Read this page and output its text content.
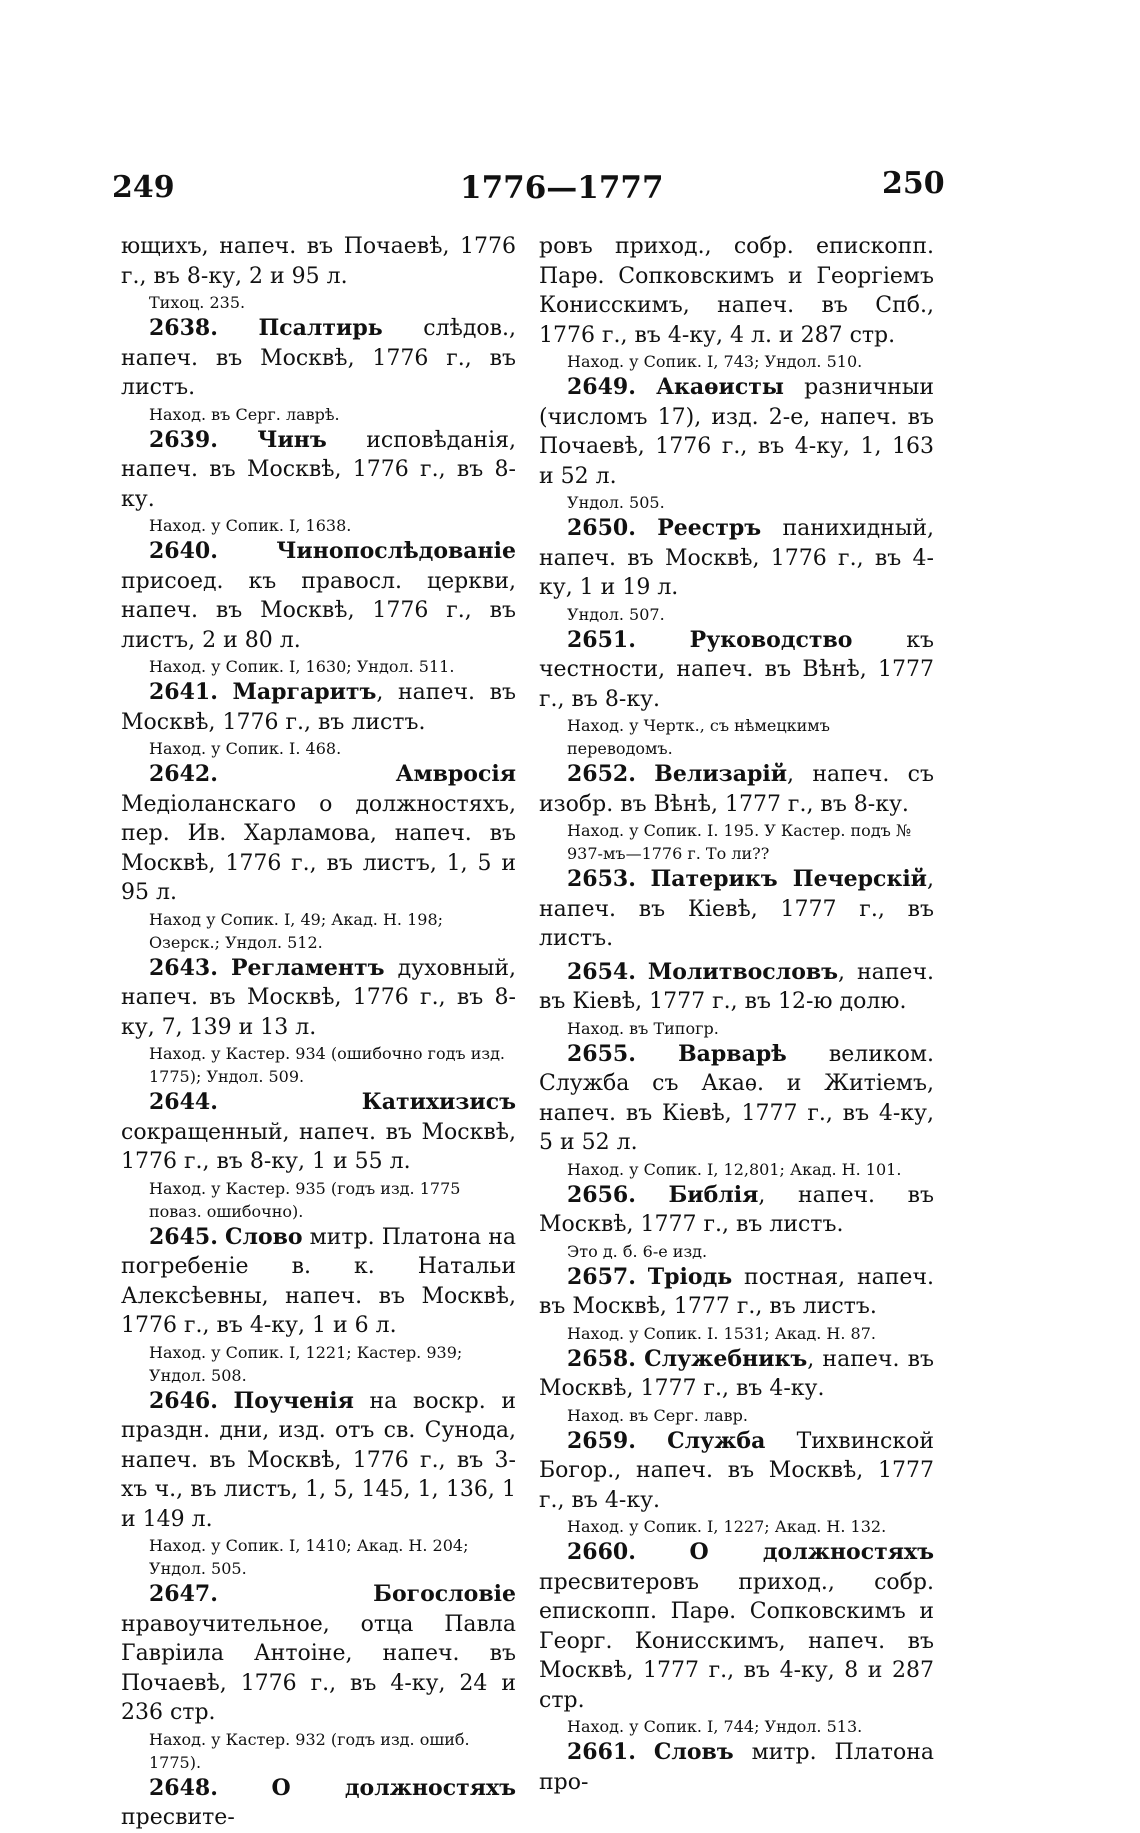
249	1776—1777	250

ющихъ, напеч. въ Почаевѣ, 1776 г., въ 8-ку, 2 и 95 л.

Тихоц. 235.

2638. Псалтирь слѣдов., напеч. въ Москвѣ, 1776 г., въ листъ.

Наход. въ Серг. лаврѣ.

2639. Чинъ исповѣданія, напеч. въ Москвѣ, 1776 г., въ 8-ку.

Наход. у Сопик. I, 1638.

2640.	Чинопослѣдованіе присоед. къ правосл. церкви, напеч. въ Москвѣ, 1776 г., въ листъ, 2 и 80 л.

Наход. у Сопик. I, 1630; Ундол. 511.

2641. Маргаритъ, напеч. въ Москвѣ, 1776 г., въ листъ.

Наход. у Сопик. I. 468.

2642.	Амвросія Медіоланскаго о должностяхъ, пер. Ив. Харламова, напеч. въ Москвѣ, 1776 г., въ листъ, 1, 5 и 95 л.

Наход у Сопик. I, 49; Акад. Н. 198; Озерск.; Ундол. 512.

2643. Регламентъ духовный, напеч. въ Москвѣ, 1776 г., въ 8-ку, 7, 139 и 13 л.

Наход. у Кастер. 934 (ошибочно годъ изд. 1775); Ундол. 509.

2644.	Катихизисъ сокращенный, напеч. въ Москвѣ, 1776 г., въ 8-ку, 1 и 55 л.

Наход. у Кастер. 935 (годъ изд. 1775 поваз. ошибочно).

2645. Слово митр. Платона на погребеніе в. к. Натальи Алексѣевны, напеч. въ Москвѣ, 1776 г., въ 4-ку, 1 и 6 л.

Наход. у Сопик. I, 1221; Кастер. 939; Ундол. 508.

2646. Поученія на воскр. и праздн. дни, изд. отъ св. Сунода, напеч. въ Москвѣ, 1776 г., въ 3-хъ ч., въ листъ, 1, 5, 145, 1, 136, 1 и 149 л.

Наход. у Сопик. I, 1410; Акад. Н. 204; Ундол. 505.

2647.	Богословіе нравоучительное, отца Павла Гавріила Антоіне, напеч. въ Почаевѣ, 1776 г., въ 4-ку, 24 и 236 стр.

Наход. у Кастер. 932 (годъ изд. ошиб. 1775).

2648. О должностяхъ пресвите-

ровъ приход., собр. епископп. Парѳ. Сопковскимъ и Георгіемъ Конисскимъ, напеч. въ Спб., 1776 г., въ 4-ку, 4 л. и 287 стр.

Наход. у Сопик. I, 743; Ундол. 510.

2649. Акаѳисты разничныи (числомъ 17), изд. 2-е, напеч. въ Почаевѣ, 1776 г., въ 4-ку, 1, 163 и 52 л.

Ундол. 505.

2650. Реестръ панихидный, напеч. въ Москвѣ, 1776 г., въ 4-ку, 1 и 19 л.

Ундол. 507.

2651. Руководство къ честности, напеч. въ Вѣнѣ, 1777 г., въ 8-ку.

Наход. у Чертк., съ нѣмецкимъ переводомъ.

2652. Велизарій, напеч. съ изобр. въ Вѣнѣ, 1777 г., въ 8-ку.

Наход. у Сопик. I. 195. У Кастер. подъ № 937-мъ—1776 г. То ли??

2653. Патерикъ Печерскій, напеч. въ Кіевѣ, 1777 г., въ листъ.

2654. Молитвословъ, напеч. въ Кіевѣ, 1777 г., въ 12-ю долю.

Наход. въ Типогр.

2655. Варварѣ великом. Служба съ Акаѳ. и Житіемъ, напеч. въ Кіевѣ, 1777 г., въ 4-ку, 5 и 52 л.

Наход. у Сопик. I, 12,801; Акад. Н. 101.

2656. Библія, напеч. въ Москвѣ, 1777 г., въ листъ.

Это д. б. 6-е изд.

2657. Тріодь постная, напеч. въ Москвѣ, 1777 г., въ листъ.

Наход. у Сопик. I. 1531; Акад. Н. 87.

2658. Служебникъ, напеч. въ Москвѣ, 1777 г., въ 4-ку.

Наход. въ Серг. лавр.

2659. Служба Тихвинской Богор., напеч. въ Москвѣ, 1777 г., въ 4-ку.

Наход. у Сопик. I, 1227; Акад. Н. 132.

2660. О должностяхъ пресвитеровъ приход., собр. епископп. Парѳ. Сопковскимъ и Георг. Конисскимъ, напеч. въ Москвѣ, 1777 г., въ 4-ку, 8 и 287 стр.

Наход. у Сопик. I, 744; Ундол. 513.

2661. Словъ митр. Платона про-
